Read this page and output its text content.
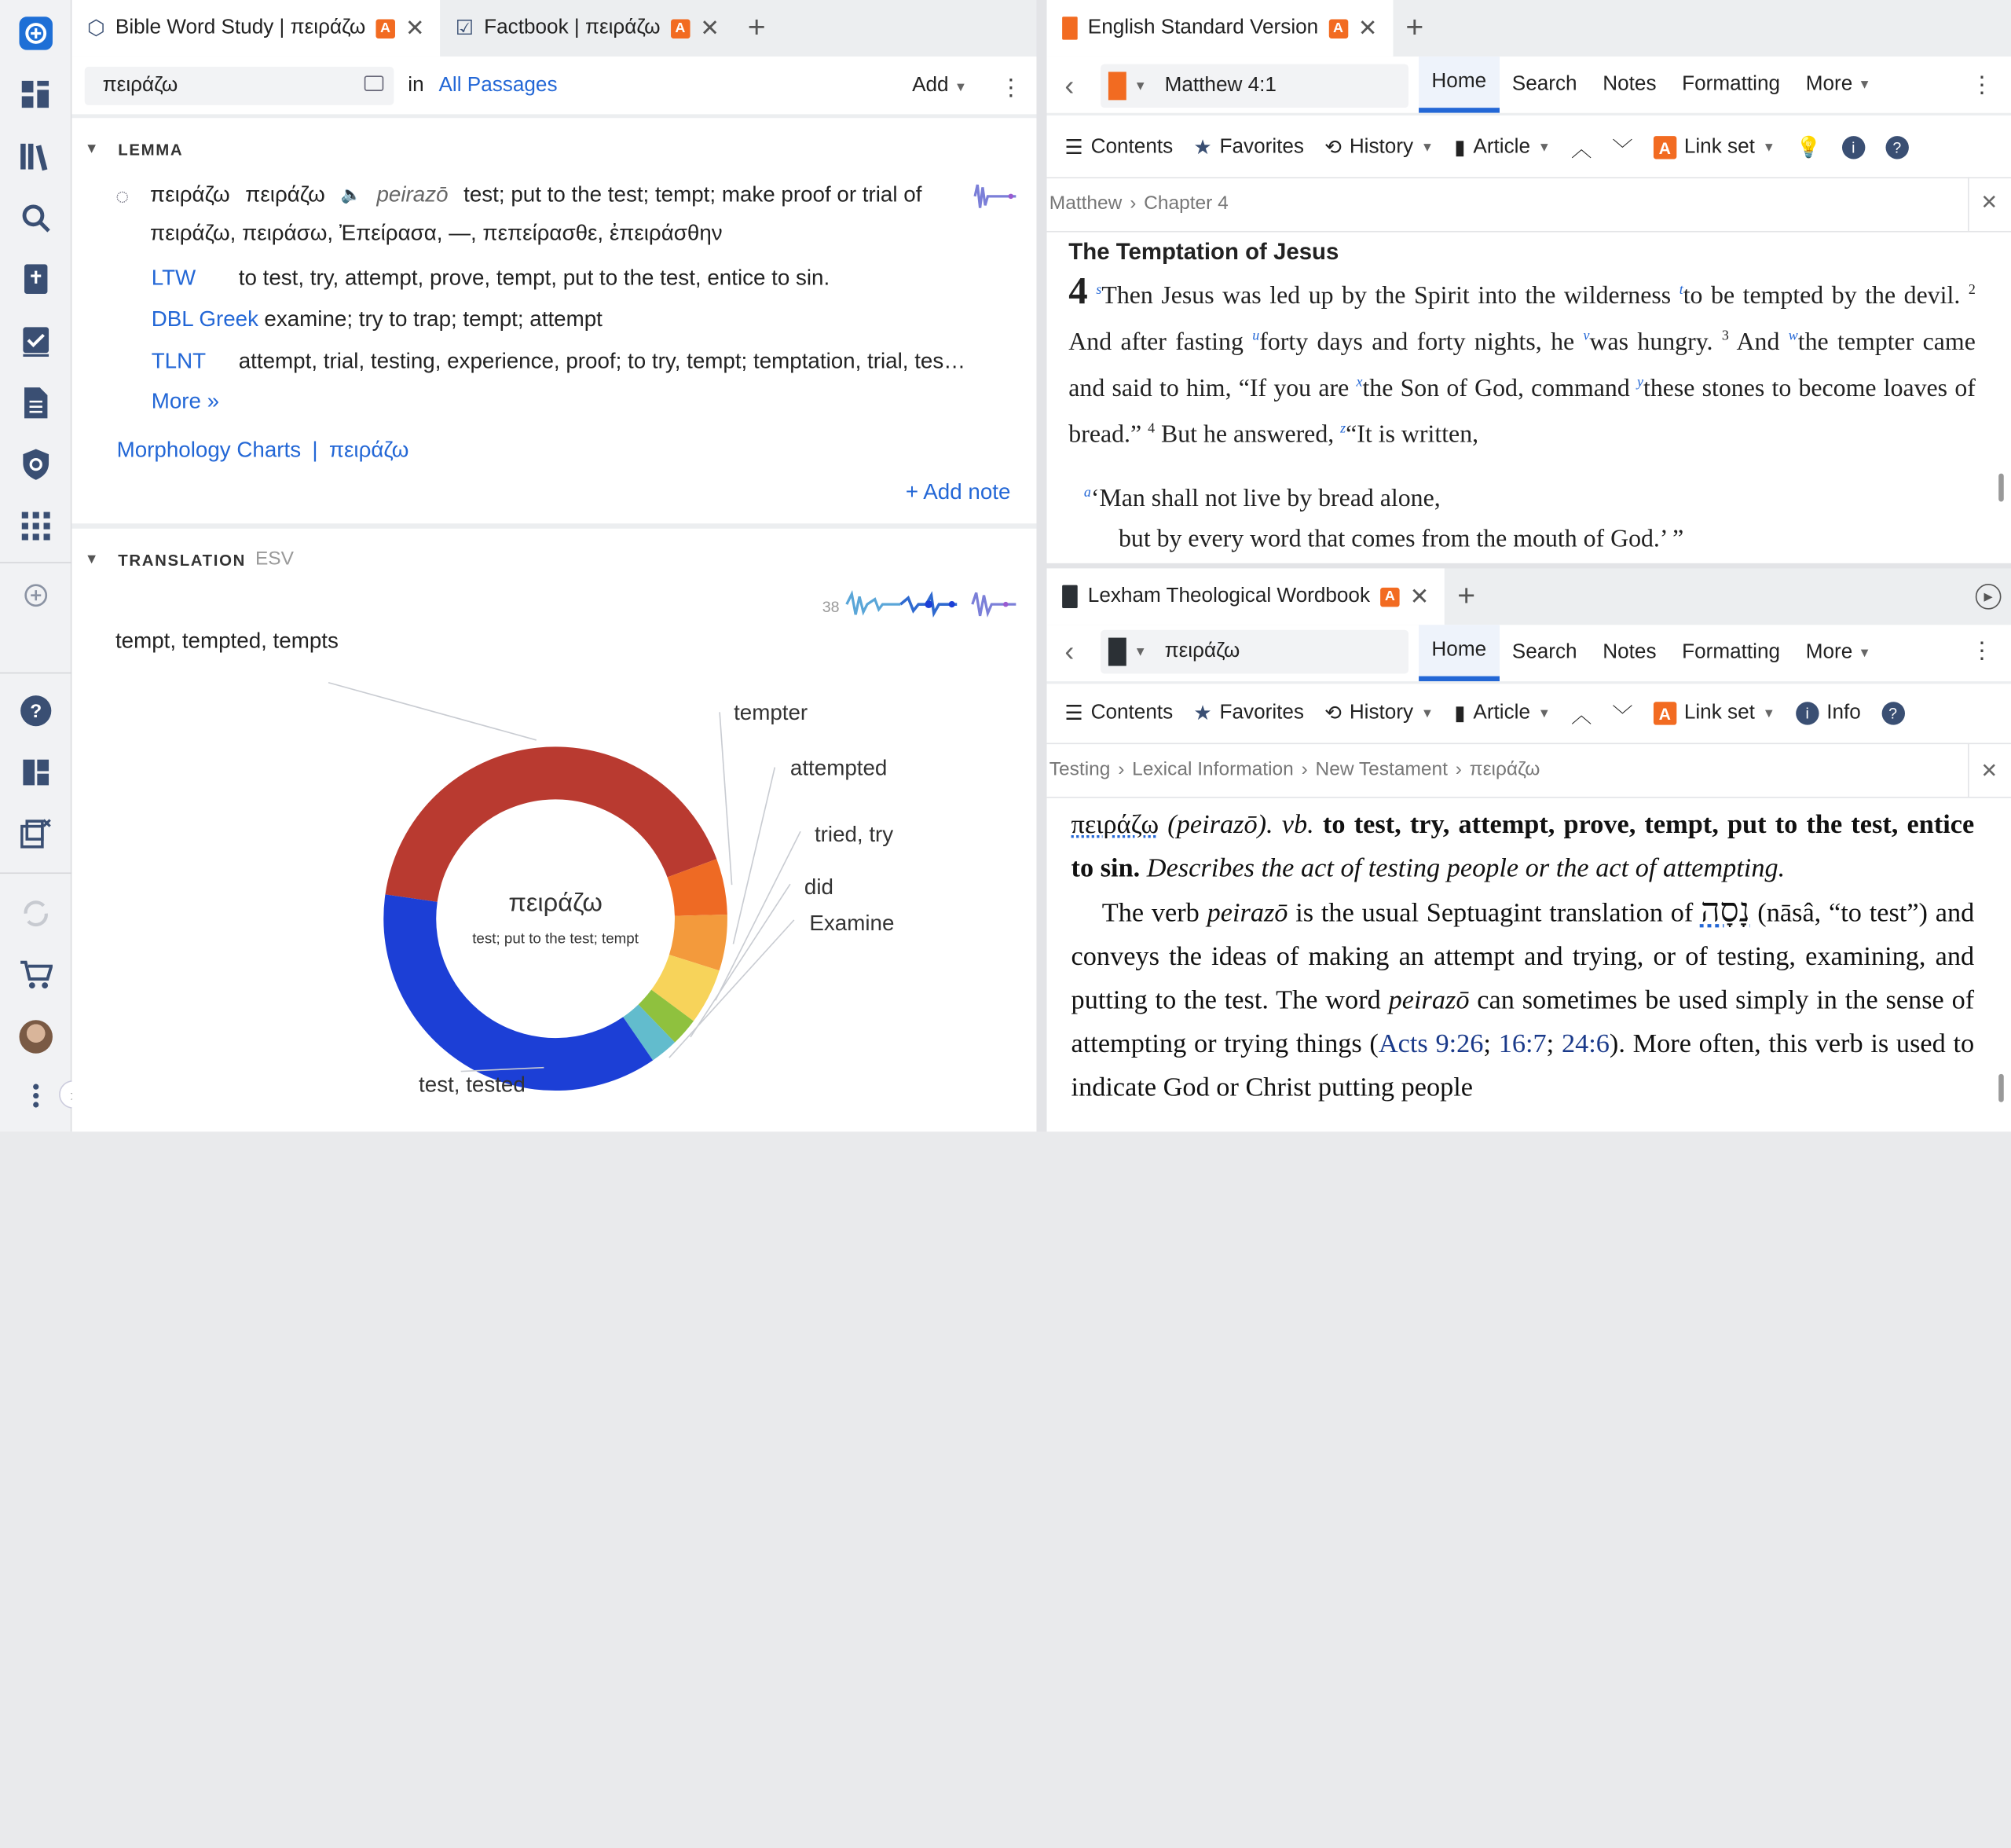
?
⬡ Bible Word Study | πειράζω	A	✕ ☑ Factbook | πειράζω	A	✕	+
πειράζω	in All Passages	Add ▼ ⋮
▼ LEMMA
◌ πειράζω πειράζω 🔈 peirazō test; put to the test; tempt; make proof or trial of
πειράζω, πειράσω, Ἐπείρασα, —, πεπείρασθε, ἐπειράσθην
LTW	to test, try, attempt, prove, tempt, put to the test, entice to sin.
DBL Greek examine; try to trap; tempt; attempt
TLNT	attempt, trial, testing, experience, proof; to try, tempt; temptation, trial, tes…
More »
Morphology Charts | πειράζω
+ Add note
▼ TRANSLATION ESV
38
tempt, tempted, tempts
tempter
attempted
tried, try
did
Examine
test, tested
πειράζω
test; put to the test; tempt
English Standard Version	A	✕	+
‹	▼ Matthew 4:1	Home Search Notes Formatting More
▼	⋮
☰ Contents ★ Favorites ⟲ History ▼ ▮ Article ▼ ︿ ﹀	A	Link set ▼ 💡	i	?
Matthew › Chapter 4	✕
The Temptation of Jesus
4 $^s$Then Jesus was led up by the Spirit into the wilderness $^t$to be tempted by the devil. $^2$ And after fasting $^u$forty days and forty nights, he $^v$was hungry. $^3$ And $^w$the tempter came and said to him, “If you are $^x$the Son of God, command $^y$these stones to become loaves of bread.” $^4$ But he answered, $^z$“It is written,
$^a$‘Man shall not live by bread alone,
but by every word that comes from the mouth of God.’ ”
Lexham Theological Wordbook	A	✕	+	▶
‹	▼ πειράζω	Home Search Notes Formatting More
▼	⋮
☰ Contents ★ Favorites ⟲ History ▼ ▮ Article ▼ ︿ ﹀	A	Link set ▼	i	Info	?
Testing › Lexical Information › New Testament › πειράζω	✕
πειράζω (peirazō). vb. to test, try, attempt, prove, tempt, put to the test, entice to sin. Describes the act of testing people or the act of attempting.
The verb peirazō is the usual Septuagint translation of נָסָה (nāsâ, “to test”) and conveys the ideas of making an attempt and trying, or of testing, examining, and putting to the test. The word peirazō can sometimes be used simply in the sense of attempting or trying things (Acts 9:26; 16:7; 24:6). More often, this verb is used to indicate God or Christ putting people
